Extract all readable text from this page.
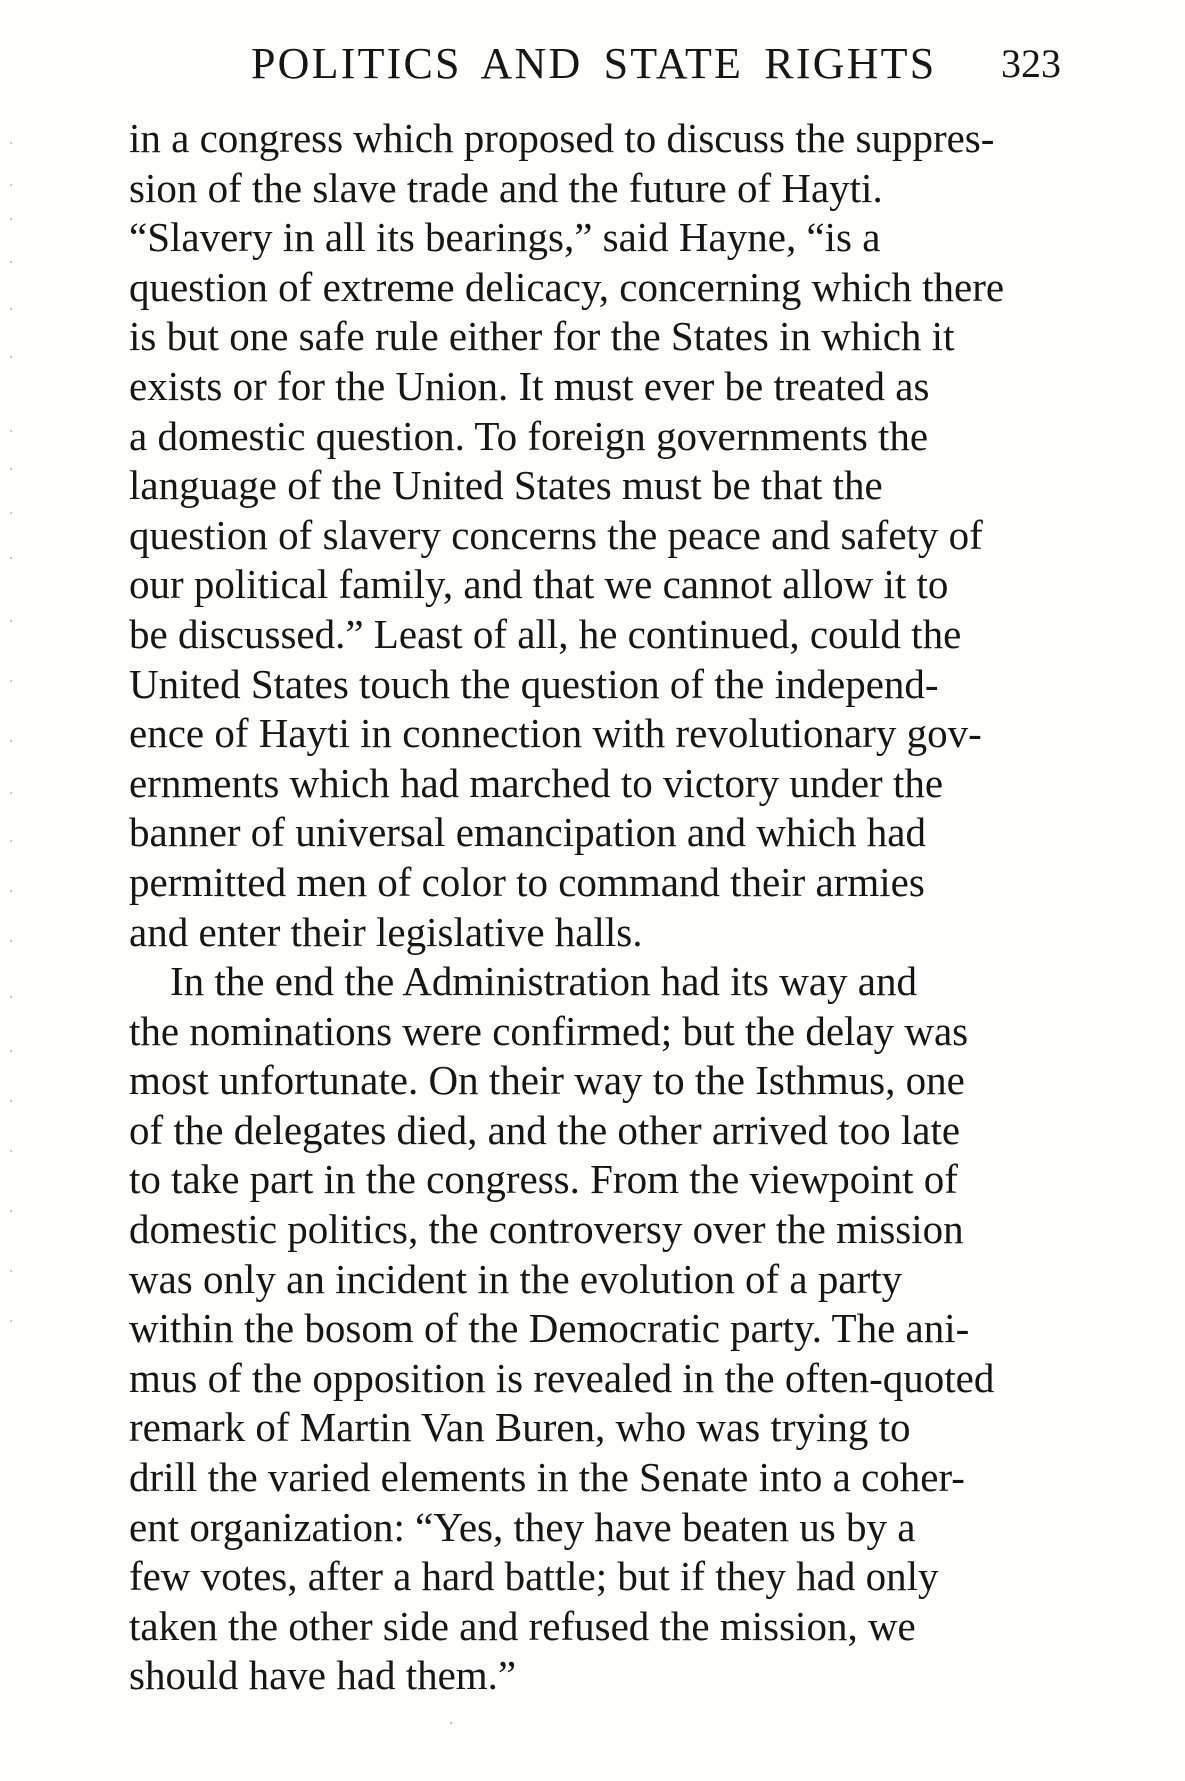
POLITICS AND STATE RIGHTS 323

in a congress which proposed to discuss the suppres-
sion of the slave trade and the future of Hayti.
“Slavery in all its bearings,” said Hayne, “is a
question of extreme delicacy, concerning which there
is but one safe rule either for the States in which it
exists or for the Union. It must ever be treated as
a domestic question. To foreign governments the
language of the United States must be that the
question of slavery concerns the peace and safety of
our political family, and that we cannot allow it to
be discussed.” Least of all, he continued, could the
United States touch the question of the independ-
ence of Hayti in connection with revolutionary gov-
ernments which had marched to victory under the
banner of universal emancipation and which had
permitted men of color to command their armies
and enter their legislative halls.

In the end the Administration had its way and
the nominations were confirmed; but the delay was
most unfortunate. On their way to the Isthmus, one
of the delegates died, and the other arrived too late
to take part in the congress. From the viewpoint of
domestic politics, the controversy over the mission
was only an incident in the evolution of a party
within the bosom of the Democratic party. The ani-
mus of the opposition is revealed in the often-quoted
remark of Martin Van Buren, who was trying to
drill the varied elements in the Senate into a coher-
ent organization: “Yes, they have beaten us by a
few votes, after a hard battle; but if they had only
taken the other side and refused the mission, we
should have had them.”
